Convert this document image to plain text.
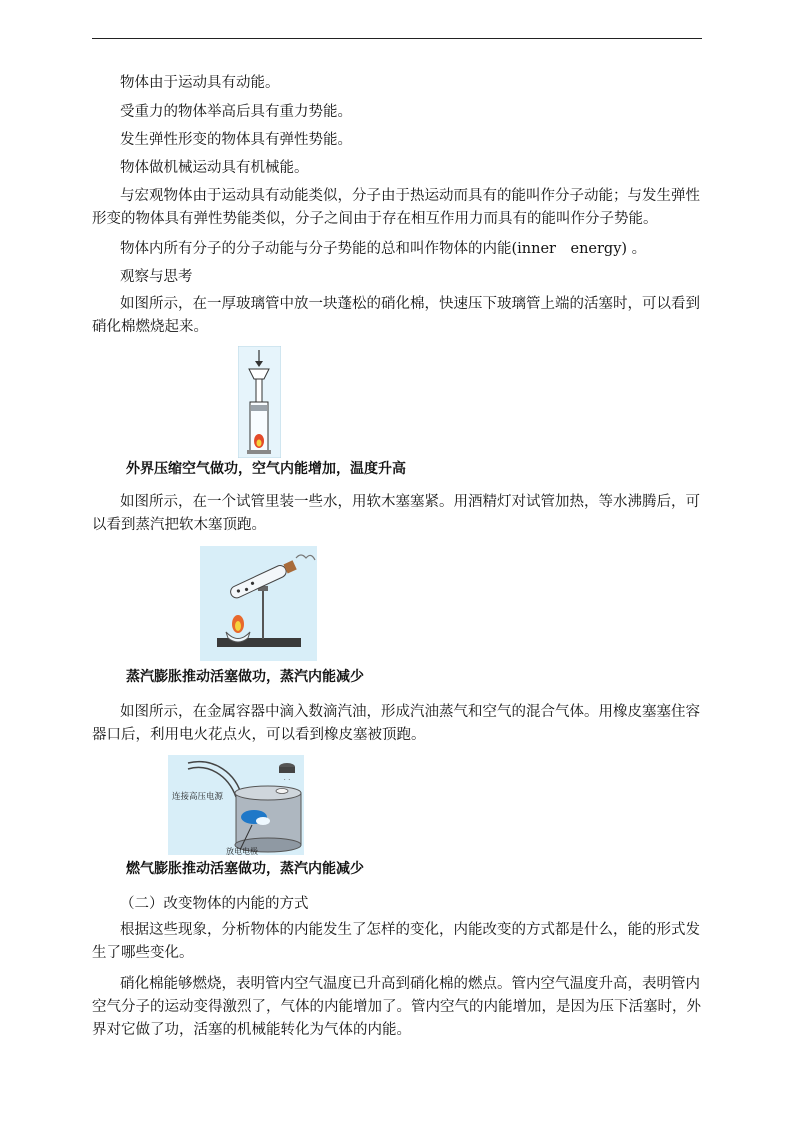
物体由于运动具有动能。

受重力的物体举高后具有重力势能。

发生弹性形变的物体具有弹性势能。

物体做机械运动具有机械能。

与宏观物体由于运动具有动能类似，分子由于热运动而具有的能叫作分子动能；与发生弹性形变的物体具有弹性势能类似，分子之间由于存在相互作用力而具有的能叫作分子势能。

物体内所有分子的分子动能与分子势能的总和叫作物体的内能(inner　energy) 。

观察与思考

如图所示，在一厚玻璃管中放一块蓬松的硝化棉，快速压下玻璃管上端的活塞时，可以看到硝化棉燃烧起来。

外界压缩空气做功，空气内能增加，温度升高

如图所示，在一个试管里装一些水，用软木塞塞紧。用酒精灯对试管加热，等水沸腾后，可以看到蒸汽把软木塞顶跑。

蒸汽膨胀推动活塞做功，蒸汽内能减少

如图所示，在金属容器中滴入数滴汽油，形成汽油蒸气和空气的混合气体。用橡皮塞塞住容器口后，利用电火花点火，可以看到橡皮塞被顶跑。

· ·
连接高压电源
放电电极
燃气膨胀推动活塞做功，蒸汽内能减少

（二）改变物体的内能的方式

根据这些现象，分析物体的内能发生了怎样的变化，内能改变的方式都是什么，能的形式发生了哪些变化。

硝化棉能够燃烧，表明管内空气温度已升高到硝化棉的燃点。管内空气温度升高，表明管内空气分子的运动变得激烈了，气体的内能增加了。管内空气的内能增加，是因为压下活塞时，外界对它做了功，活塞的机械能转化为气体的内能。
